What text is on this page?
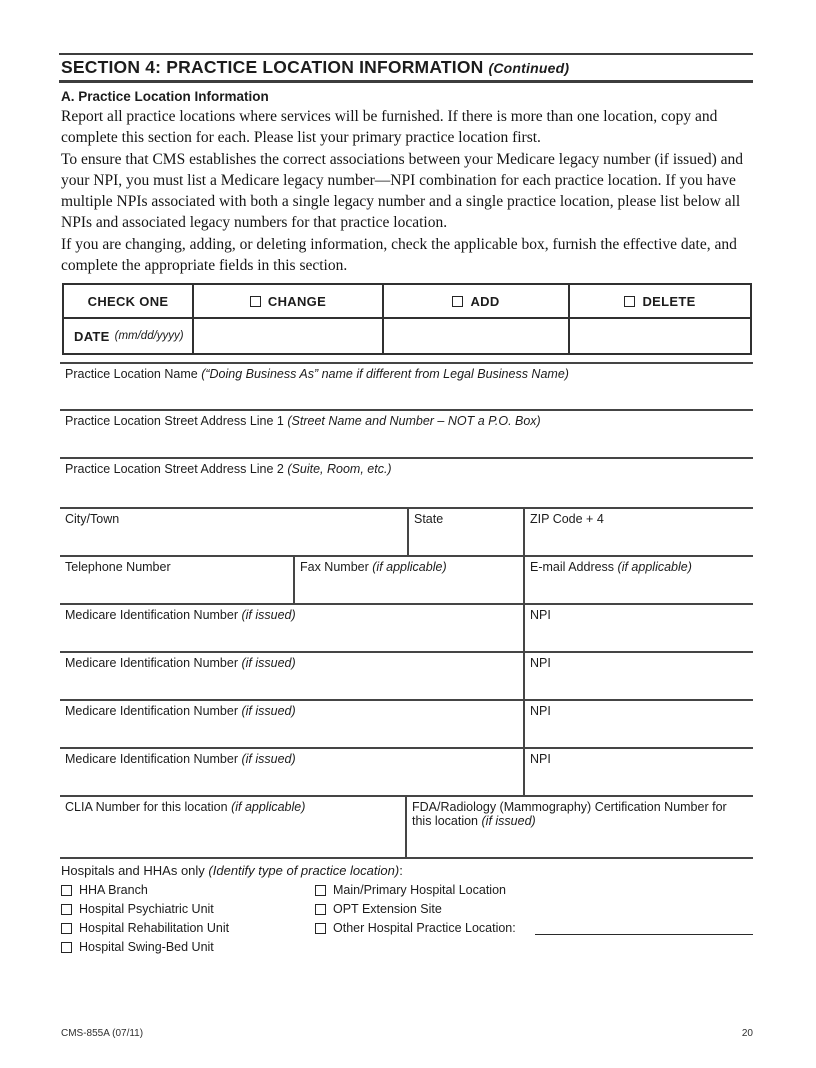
SECTION 4: PRACTICE LOCATION INFORMATION (Continued)
A. Practice Location Information
Report all practice locations where services will be furnished. If there is more than one location, copy and complete this section for each. Please list your primary practice location first.
To ensure that CMS establishes the correct associations between your Medicare legacy number (if issued) and your NPI, you must list a Medicare legacy number—NPI combination for each practice location. If you have multiple NPIs associated with both a single legacy number and a single practice location, please list below all NPIs and associated legacy numbers for that practice location.
If you are changing, adding, or deleting information, check the applicable box, furnish the effective date, and complete the appropriate fields in this section.
CHECK ONE	CHANGE	ADD	DELETE
DATE (mm/dd/yyyy)
Practice Location Name (“Doing Business As” name if different from Legal Business Name)
Practice Location Street Address Line 1 (Street Name and Number – NOT a P.O. Box)
Practice Location Street Address Line 2 (Suite, Room, etc.)
City/Town	State	ZIP Code + 4
Telephone Number	Fax Number (if applicable)	E-mail Address (if applicable)
Medicare Identification Number (if issued)	NPI
Medicare Identification Number (if issued)	NPI
Medicare Identification Number (if issued)	NPI
Medicare Identification Number (if issued)	NPI
CLIA Number for this location (if applicable)	FDA/Radiology (Mammography) Certification Number for this location (if issued)
Hospitals and HHAs only (Identify type of practice location):
HHA Branch	Main/Primary Hospital Location
Hospital Psychiatric Unit	OPT Extension Site
Hospital Rehabilitation Unit	Other Hospital Practice Location:
Hospital Swing-Bed Unit
CMS-855A (07/11)	20
